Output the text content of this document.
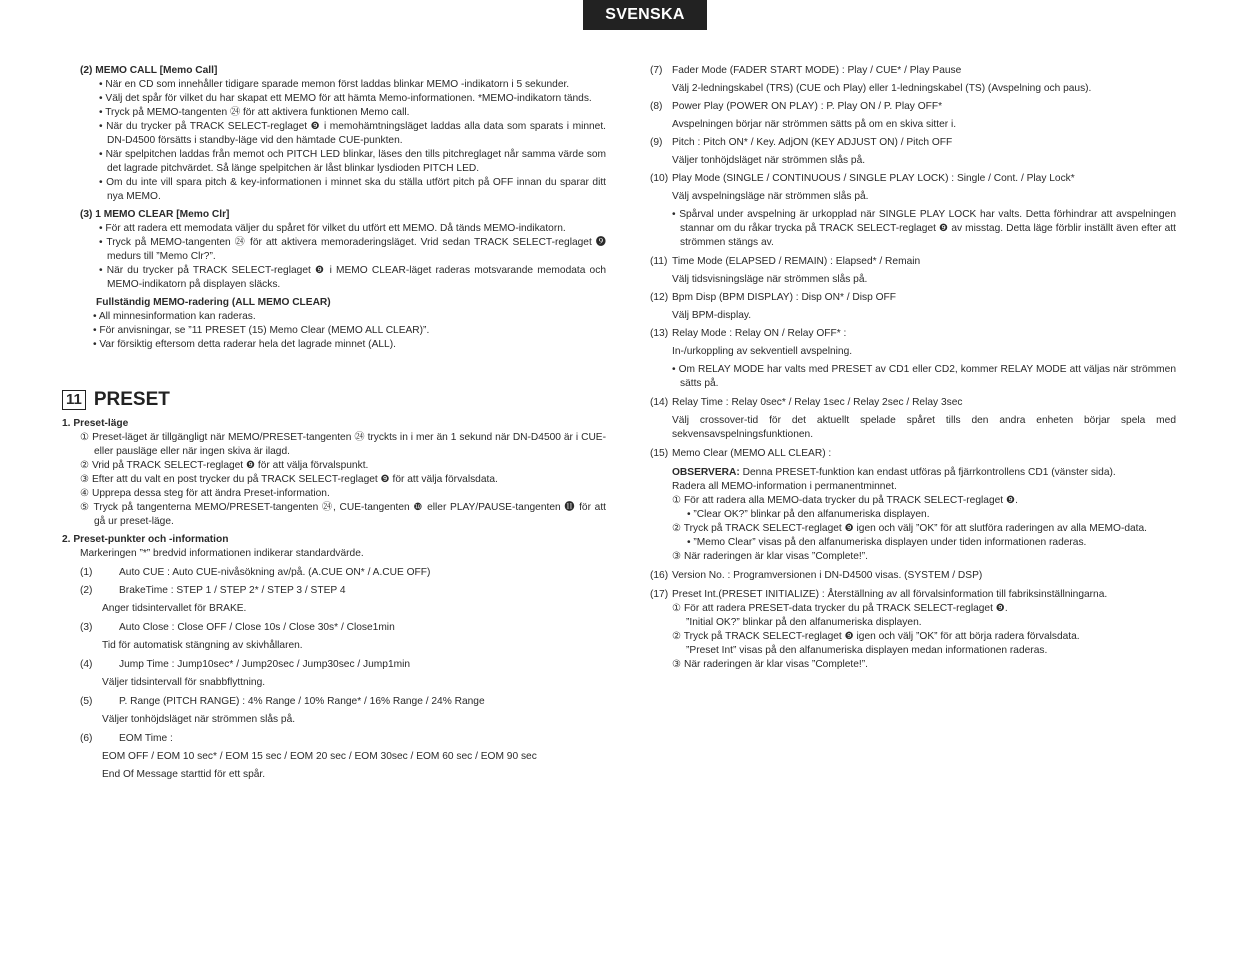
SVENSKA
(2) MEMO CALL [Memo Call]
• När en CD som innehåller tidigare sparade memon först laddas blinkar MEMO -indikatorn i 5 sekunder.
• Välj det spår för vilket du har skapat ett MEMO för att hämta Memo-informationen. *MEMO-indikatorn tänds.
• Tryck på MEMO-tangenten ㉔ för att aktivera funktionen Memo call.
• När du trycker på TRACK SELECT-reglaget ❾ i memohämtningsläget laddas alla data som sparats i minnet. DN-D4500 försätts i standby-läge vid den hämtade CUE-punkten.
• När spelpitchen laddas från memot och PITCH LED blinkar, läses den tills pitchreglaget når samma värde som det lagrade pitchvärdet. Så länge spelpitchen är låst blinkar lysdioden PITCH LED.
• Om du inte vill spara pitch & key-informationen i minnet ska du ställa utfört pitch på OFF innan du sparar ditt nya MEMO.
(3) 1 MEMO CLEAR [Memo Clr]
• För att radera ett memodata väljer du spåret för vilket du utfört ett MEMO. Då tänds MEMO-indikatorn.
• Tryck på MEMO-tangenten ㉔ för att aktivera memoraderingsläget. Vrid sedan TRACK SELECT-reglaget ❾ medurs till ”Memo Clr?”.
• När du trycker på TRACK SELECT-reglaget ❾ i MEMO CLEAR-läget raderas motsvarande memodata och MEMO-indikatorn på displayen släcks.
Fullständig MEMO-radering (ALL MEMO CLEAR)
• All minnesinformation kan raderas.
• För anvisningar, se ”11 PRESET (15) Memo Clear (MEMO ALL CLEAR)”.
• Var försiktig eftersom detta raderar hela det lagrade minnet (ALL).
11 PRESET
1. Preset-läge
① Preset-läget är tillgängligt när MEMO/PRESET-tangenten ㉔ tryckts in i mer än 1 sekund när DN-D4500 är i CUE- eller pausläge eller när ingen skiva är ilagd.
② Vrid på TRACK SELECT-reglaget ❾ för att välja förvalspunkt.
③ Efter att du valt en post trycker du på TRACK SELECT-reglaget ❾ för att välja förvalsdata.
④ Upprepa dessa steg för att ändra Preset-information.
⑤ Tryck på tangenterna MEMO/PRESET-tangenten ㉔, CUE-tangenten ❿ eller PLAY/PAUSE-tangenten ⓫ för att gå ur preset-läge.
2. Preset-punkter och -information
Markeringen ”*” bredvid informationen indikerar standardvärde.
(1)	Auto CUE : Auto CUE-nivåsökning av/på. (A.CUE ON* / A.CUE OFF)
(2)	BrakeTime : STEP 1 / STEP 2* / STEP 3 / STEP 4
Anger tidsintervallet för BRAKE.
(3)	Auto Close : Close OFF / Close 10s / Close 30s* / Close1min
Tid för automatisk stängning av skivhållaren.
(4)	Jump Time : Jump10sec* / Jump20sec / Jump30sec / Jump1min
Väljer tidsintervall för snabbflyttning.
(5)	P. Range (PITCH RANGE) : 4% Range / 10% Range* / 16% Range / 24% Range
Väljer tonhöjdsläget när strömmen slås på.
(6)	EOM Time :
EOM OFF / EOM 10 sec* / EOM 15 sec / EOM 20 sec / EOM 30sec / EOM 60 sec / EOM 90 sec
End Of Message starttid för ett spår.
(7) Fader Mode (FADER START MODE) : Play / CUE* / Play Pause
Välj 2-ledningskabel (TRS) (CUE och Play) eller 1-ledningskabel (TS) (Avspelning och paus).
(8) Power Play (POWER ON PLAY) : P. Play ON / P. Play OFF*
Avspelningen börjar när strömmen sätts på om en skiva sitter i.
(9) Pitch : Pitch ON* / Key. AdjON (KEY ADJUST ON) / Pitch OFF
Väljer tonhöjdsläget när strömmen slås på.
(10) Play Mode (SINGLE / CONTINUOUS / SINGLE PLAY LOCK) : Single / Cont. / Play Lock*
Välj avspelningsläge när strömmen slås på.
• Spårval under avspelning är urkopplad när SINGLE PLAY LOCK har valts. Detta förhindrar att avspelningen stannar om du råkar trycka på TRACK SELECT-reglaget ❾ av misstag. Detta läge förblir inställt även efter att strömmen stängs av.
(11) Time Mode (ELAPSED / REMAIN) : Elapsed* / Remain
Välj tidsvisningsläge när strömmen slås på.
(12) Bpm Disp (BPM DISPLAY) : Disp ON* / Disp OFF
Välj BPM-display.
(13) Relay Mode : Relay ON / Relay OFF* :
In-/urkoppling av sekventiell avspelning.
• Om RELAY MODE har valts med PRESET av CD1 eller CD2, kommer RELAY MODE att väljas när strömmen sätts på.
(14) Relay Time : Relay 0sec* / Relay 1sec / Relay 2sec / Relay 3sec
Välj crossover-tid för det aktuellt spelade spåret tills den andra enheten börjar spela med sekvensavspelningsfunktionen.
(15) Memo Clear (MEMO ALL CLEAR) :
OBSERVERA: Denna PRESET-funktion kan endast utföras på fjärrkontrollens CD1 (vänster sida).
Radera all MEMO-information i permanentminnet.
① För att radera alla MEMO-data trycker du på TRACK SELECT-reglaget ❾.
• ”Clear OK?” blinkar på den alfanumeriska displayen.
② Tryck på TRACK SELECT-reglaget ❾ igen och välj ”OK” för att slutföra raderingen av alla MEMO-data.
• ”Memo Clear” visas på den alfanumeriska displayen under tiden informationen raderas.
③ När raderingen är klar visas ”Complete!”.
(16) Version No. : Programversionen i DN-D4500 visas. (SYSTEM / DSP)
(17) Preset Int.(PRESET INITIALIZE) : Återställning av all förvalsinformation till fabriksinställningarna.
① För att radera PRESET-data trycker du på TRACK SELECT-reglaget ❾.
”Initial OK?” blinkar på den alfanumeriska displayen.
② Tryck på TRACK SELECT-reglaget ❾ igen och välj ”OK” för att börja radera förvalsdata.
”Preset Int” visas på den alfanumeriska displayen medan informationen raderas.
③ När raderingen är klar visas ”Complete!”.
